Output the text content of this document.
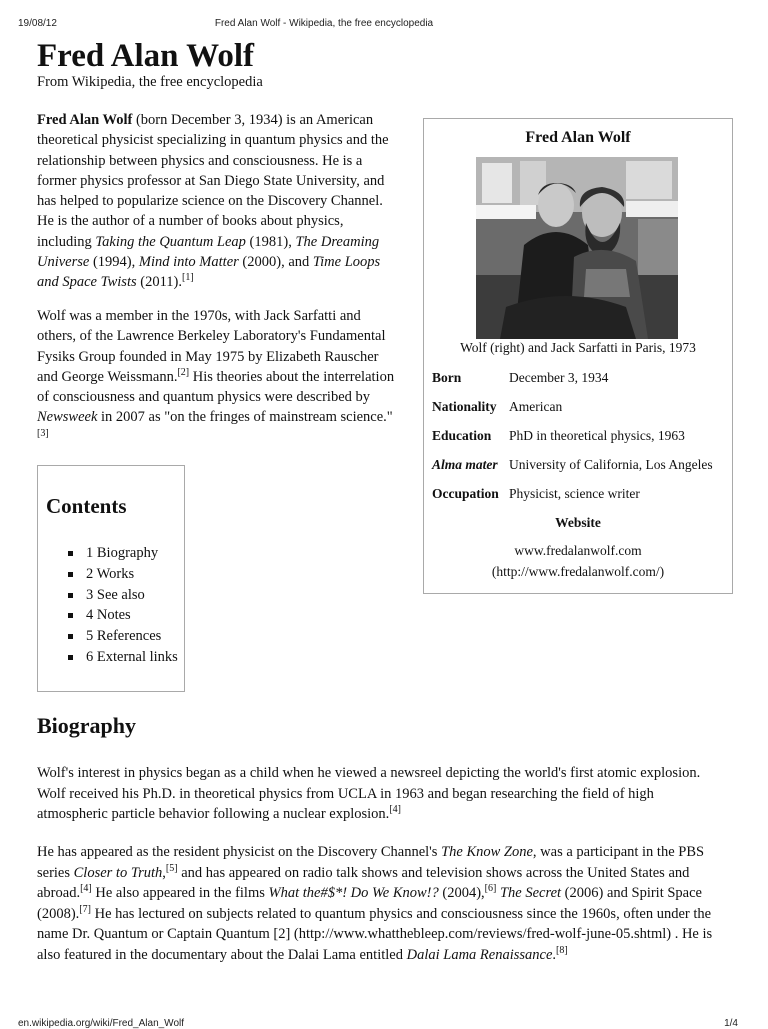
19/08/12	Fred Alan Wolf - Wikipedia, the free encyclopedia
Fred Alan Wolf
From Wikipedia, the free encyclopedia

Fred Alan Wolf (born December 3, 1934) is an American theoretical physicist specializing in quantum physics and the relationship between physics and consciousness. He is a former physics professor at San Diego State University, and has helped to popularize science on the Discovery Channel. He is the author of a number of books about physics, including Taking the Quantum Leap (1981), The Dreaming Universe (1994), Mind into Matter (2000), and Time Loops and Space Twists (2011).[1]

Wolf was a member in the 1970s, with Jack Sarfatti and others, of the Lawrence Berkeley Laboratory's Fundamental Fysiks Group founded in May 1975 by Elizabeth Rauscher and George Weissmann.[2] His theories about the interrelation of consciousness and quantum physics were described by Newsweek in 2007 as "on the fringes of mainstream science."[3]

Contents
1 Biography
2 Works
3 See also
4 Notes
5 References
6 External links
Fred Alan Wolf
Wolf (right) and Jack Sarfatti in Paris, 1973
Born	December 3, 1934
Nationality American
Education PhD in theoretical physics, 1963
Alma mater University of California, Los Angeles
Occupation Physicist, science writer
Website
www.fredalanwolf.com
(http://www.fredalanwolf.com/)
Biography

Wolf's interest in physics began as a child when he viewed a newsreel depicting the world's first atomic explosion. Wolf received his Ph.D. in theoretical physics from UCLA in 1963 and began researching the field of high atmospheric particle behavior following a nuclear explosion.[4]

He has appeared as the resident physicist on the Discovery Channel's The Know Zone, was a participant in the PBS series Closer to Truth,[5] and has appeared on radio talk shows and television shows across the United States and abroad.[4] He also appeared in the films What the#$*! Do We Know!? (2004),[6] The Secret (2006) and Spirit Space (2008).[7] He has lectured on subjects related to quantum physics and consciousness since the 1960s, often under the name Dr. Quantum or Captain Quantum [2] (http://www.whatthebleep.com/reviews/fred-wolf-june-05.shtml) . He is also featured in the documentary about the Dalai Lama entitled Dalai Lama Renaissance.[8]

en.wikipedia.org/wiki/Fred_Alan_Wolf	1/4
